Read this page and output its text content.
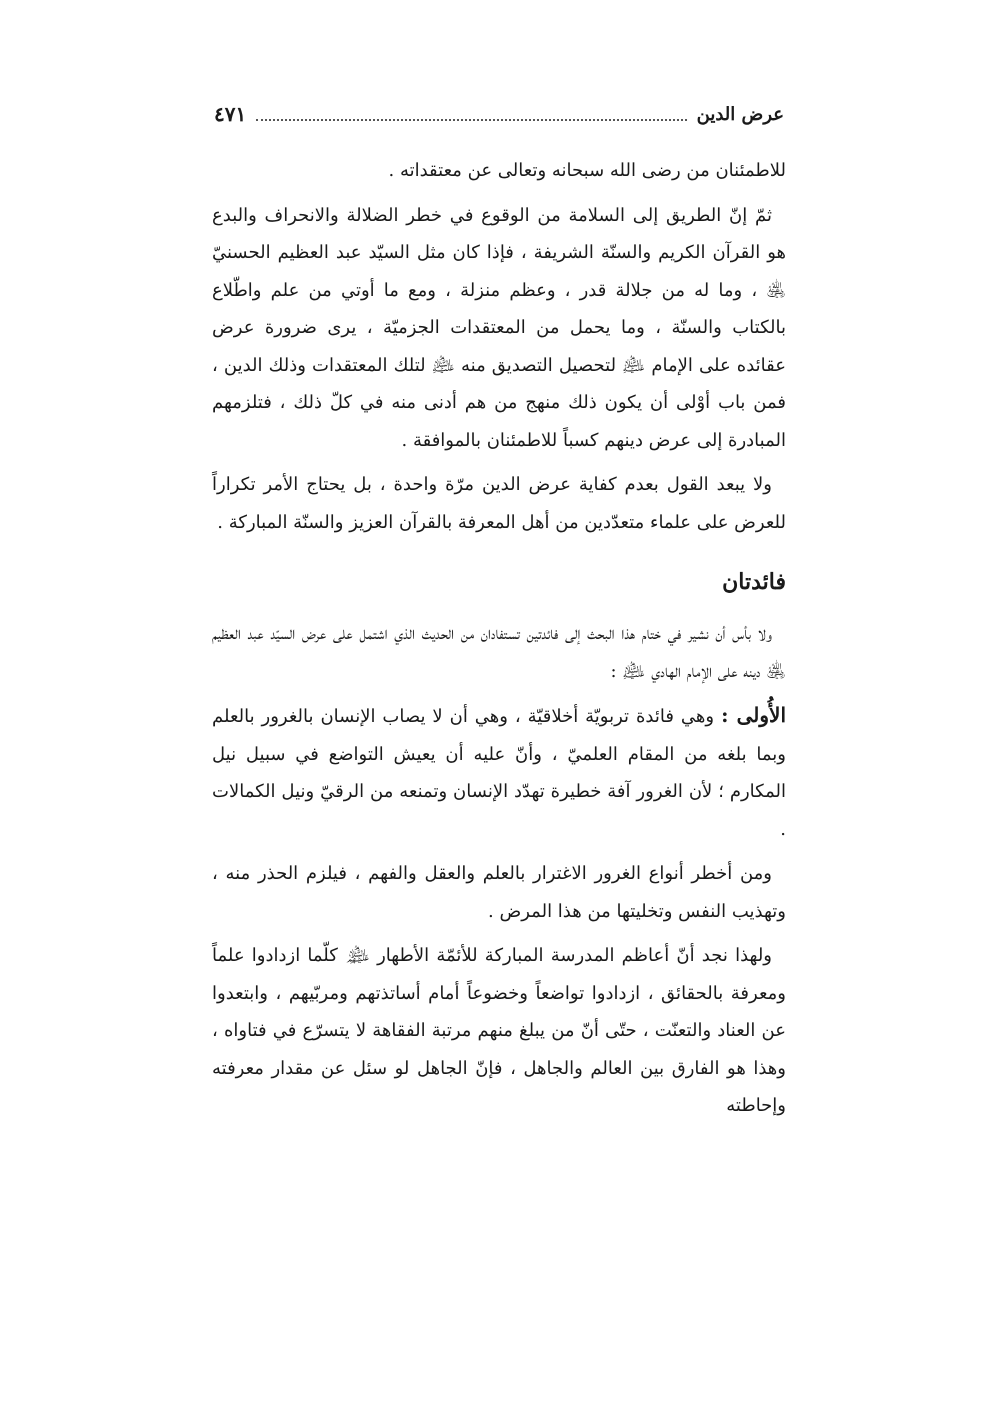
عرض الدين
٤٧١

للاطمئنان من رضى الله سبحانه وتعالى عن معتقداته .

ثمّ إنّ الطريق إلى السلامة من الوقوع في خطر الضلالة والانحراف والبدع هو القرآن الكريم والسنّة الشريفة ، فإذا كان مثل السيّد عبد العظيم الحسنيّ ﵁ ، وما له من جلالة قدر ، وعظم منزلة ، ومع ما أوتي من علم واطّلاع بالكتاب والسنّة ، وما يحمل من المعتقدات الجزميّة ، يرى ضرورة عرض عقائده على الإمام ﵇ لتحصيل التصديق منه ﵇ لتلك المعتقدات وذلك الدين ، فمن باب أوْلى أن يكون ذلك منهج من هم أدنى منه في كلّ ذلك ، فتلزمهم المبادرة إلى عرض دينهم كسباً للاطمئنان بالموافقة .

ولا يبعد القول بعدم كفاية عرض الدين مرّة واحدة ، بل يحتاج الأمر تكراراً للعرض على علماء متعدّدين من أهل المعرفة بالقرآن العزيز والسنّة المباركة .

فائدتان

ولا بأس أن نشير في ختام هذا البحث إلى فائدتين تستفادان من الحديث الذي اشتمل على عرض السيّد عبد العظيم ﵁ دينه على الإمام الهادي ﵇ :

الأُولى : وهي فائدة تربويّة أخلاقيّة ، وهي أن لا يصاب الإنسان بالغرور بالعلم وبما بلغه من المقام العلميّ ، وأنّ عليه أن يعيش التواضع في سبيل نيل المكارم ؛ لأن الغرور آفة خطيرة تهدّد الإنسان وتمنعه من الرقيّ ونيل الكمالات .

ومن أخطر أنواع الغرور الاغترار بالعلم والعقل والفهم ، فيلزم الحذر منه ، وتهذيب النفس وتخليتها من هذا المرض .

ولهذا نجد أنّ أعاظم المدرسة المباركة للأئمّة الأطهار ﵈ كلّما ازدادوا علماً ومعرفة بالحقائق ، ازدادوا تواضعاً وخضوعاً أمام أساتذتهم ومربّيهم ، وابتعدوا عن العناد والتعنّت ، حتّى أنّ من يبلغ منهم مرتبة الفقاهة لا يتسرّع في فتاواه ، وهذا هو الفارق بين العالم والجاهل ، فإنّ الجاهل لو سئل عن مقدار معرفته وإحاطته
